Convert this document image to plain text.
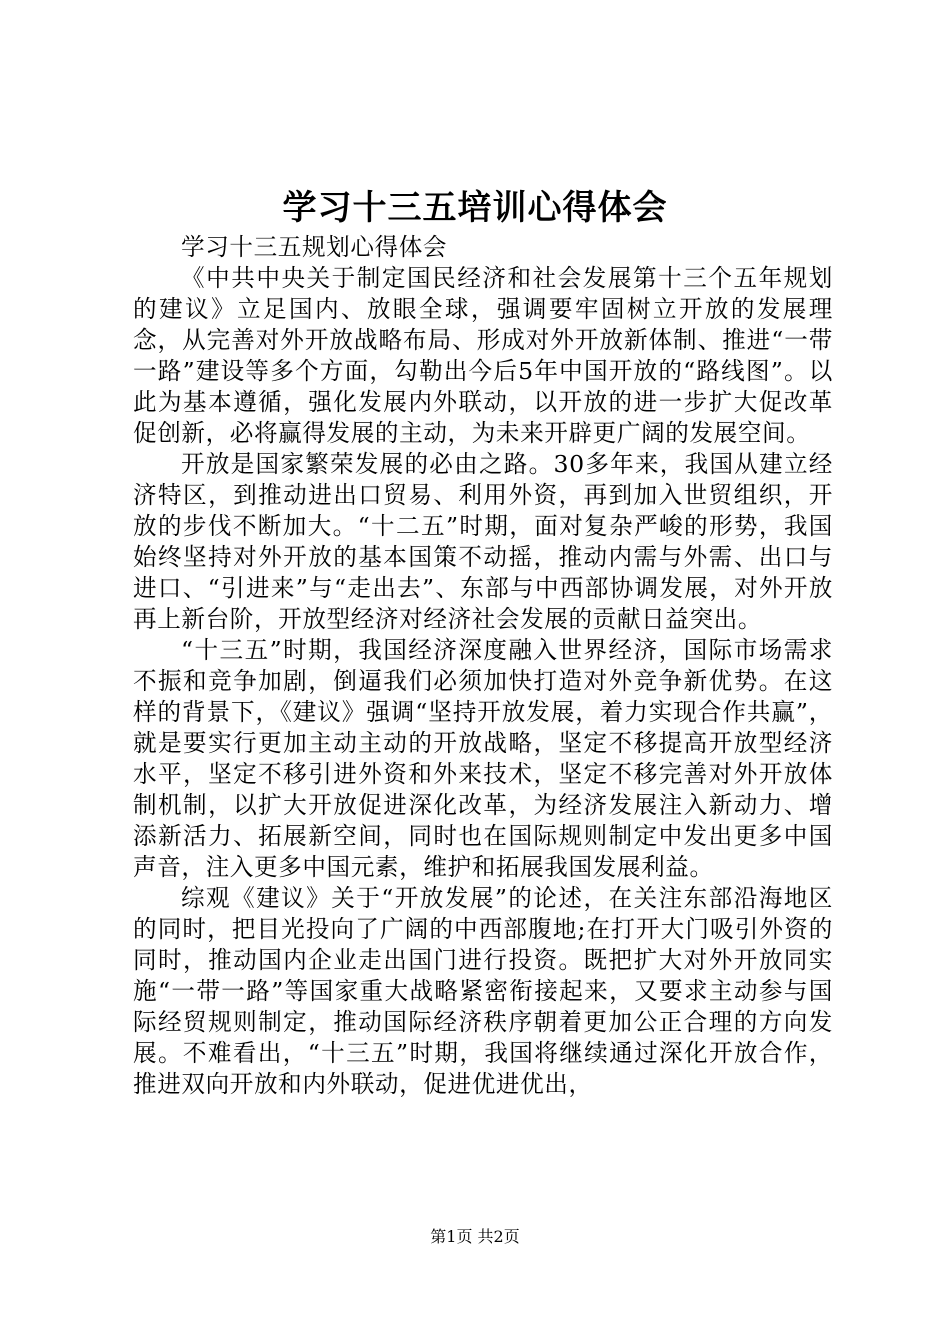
学习十三五培训心得体会

学习十三五规划心得体会

《中共中央关于制定国民经济和社会发展第十三个五年规划的建议》立足国内、放眼全球，强调要牢固树立开放的发展理念，从完善对外开放战略布局、形成对外开放新体制、推进“一带一路”建设等多个方面，勾勒出今后5年中国开放的“路线图”。以此为基本遵循，强化发展内外联动，以开放的进一步扩大促改革促创新，必将赢得发展的主动，为未来开辟更广阔的发展空间。

开放是国家繁荣发展的必由之路。30多年来，我国从建立经济特区，到推动进出口贸易、利用外资，再到加入世贸组织，开放的步伐不断加大。“十二五”时期，面对复杂严峻的形势，我国始终坚持对外开放的基本国策不动摇，推动内需与外需、出口与进口、“引进来”与“走出去”、东部与中西部协调发展，对外开放再上新台阶，开放型经济对经济社会发展的贡献日益突出。

“十三五”时期，我国经济深度融入世界经济，国际市场需求不振和竞争加剧，倒逼我们必须加快打造对外竞争新优势。在这样的背景下，《建议》强调“坚持开放发展，着力实现合作共赢”，就是要实行更加主动主动的开放战略，坚定不移提高开放型经济水平，坚定不移引进外资和外来技术，坚定不移完善对外开放体制机制，以扩大开放促进深化改革，为经济发展注入新动力、增添新活力、拓展新空间，同时也在国际规则制定中发出更多中国声音，注入更多中国元素，维护和拓展我国发展利益。

综观《建议》关于“开放发展”的论述，在关注东部沿海地区的同时，把目光投向了广阔的中西部腹地;在打开大门吸引外资的同时，推动国内企业走出国门进行投资。既把扩大对外开放同实施“一带一路”等国家重大战略紧密衔接起来，又要求主动参与国际经贸规则制定，推动国际经济秩序朝着更加公正合理的方向发展。不难看出，“十三五”时期，我国将继续通过深化开放合作，推进双向开放和内外联动，促进优进优出，

第1页 共2页
